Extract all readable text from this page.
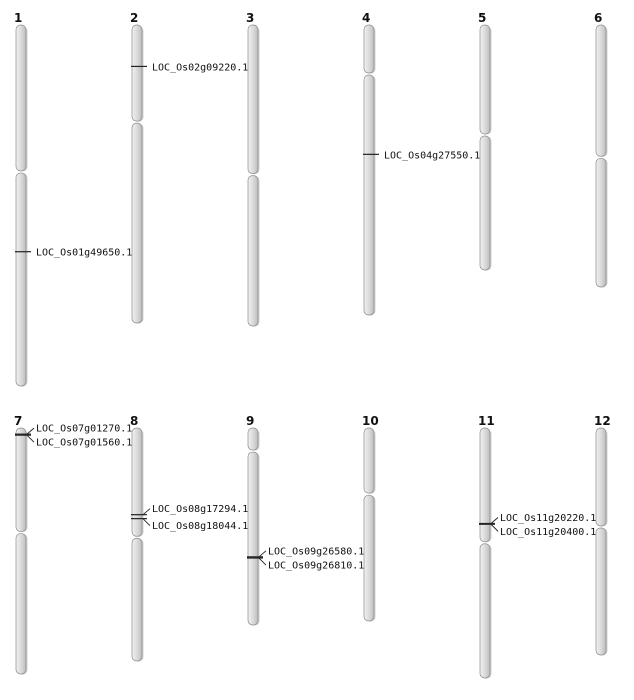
1
LOC_Os01g49650.1
2
LOC_Os02g09220.1
3	4
LOC_Os04g27550.1
5	6
7
LOC_Os07g01270.1
LOC_Os07g01560.1
8
LOC_Os08g17294.1
LOC_Os08g18044.1
9
LOC_Os09g26580.1
LOC_Os09g26810.1
10	11
LOC_Os11g20220.1
LOC_Os11g20400.1
12
